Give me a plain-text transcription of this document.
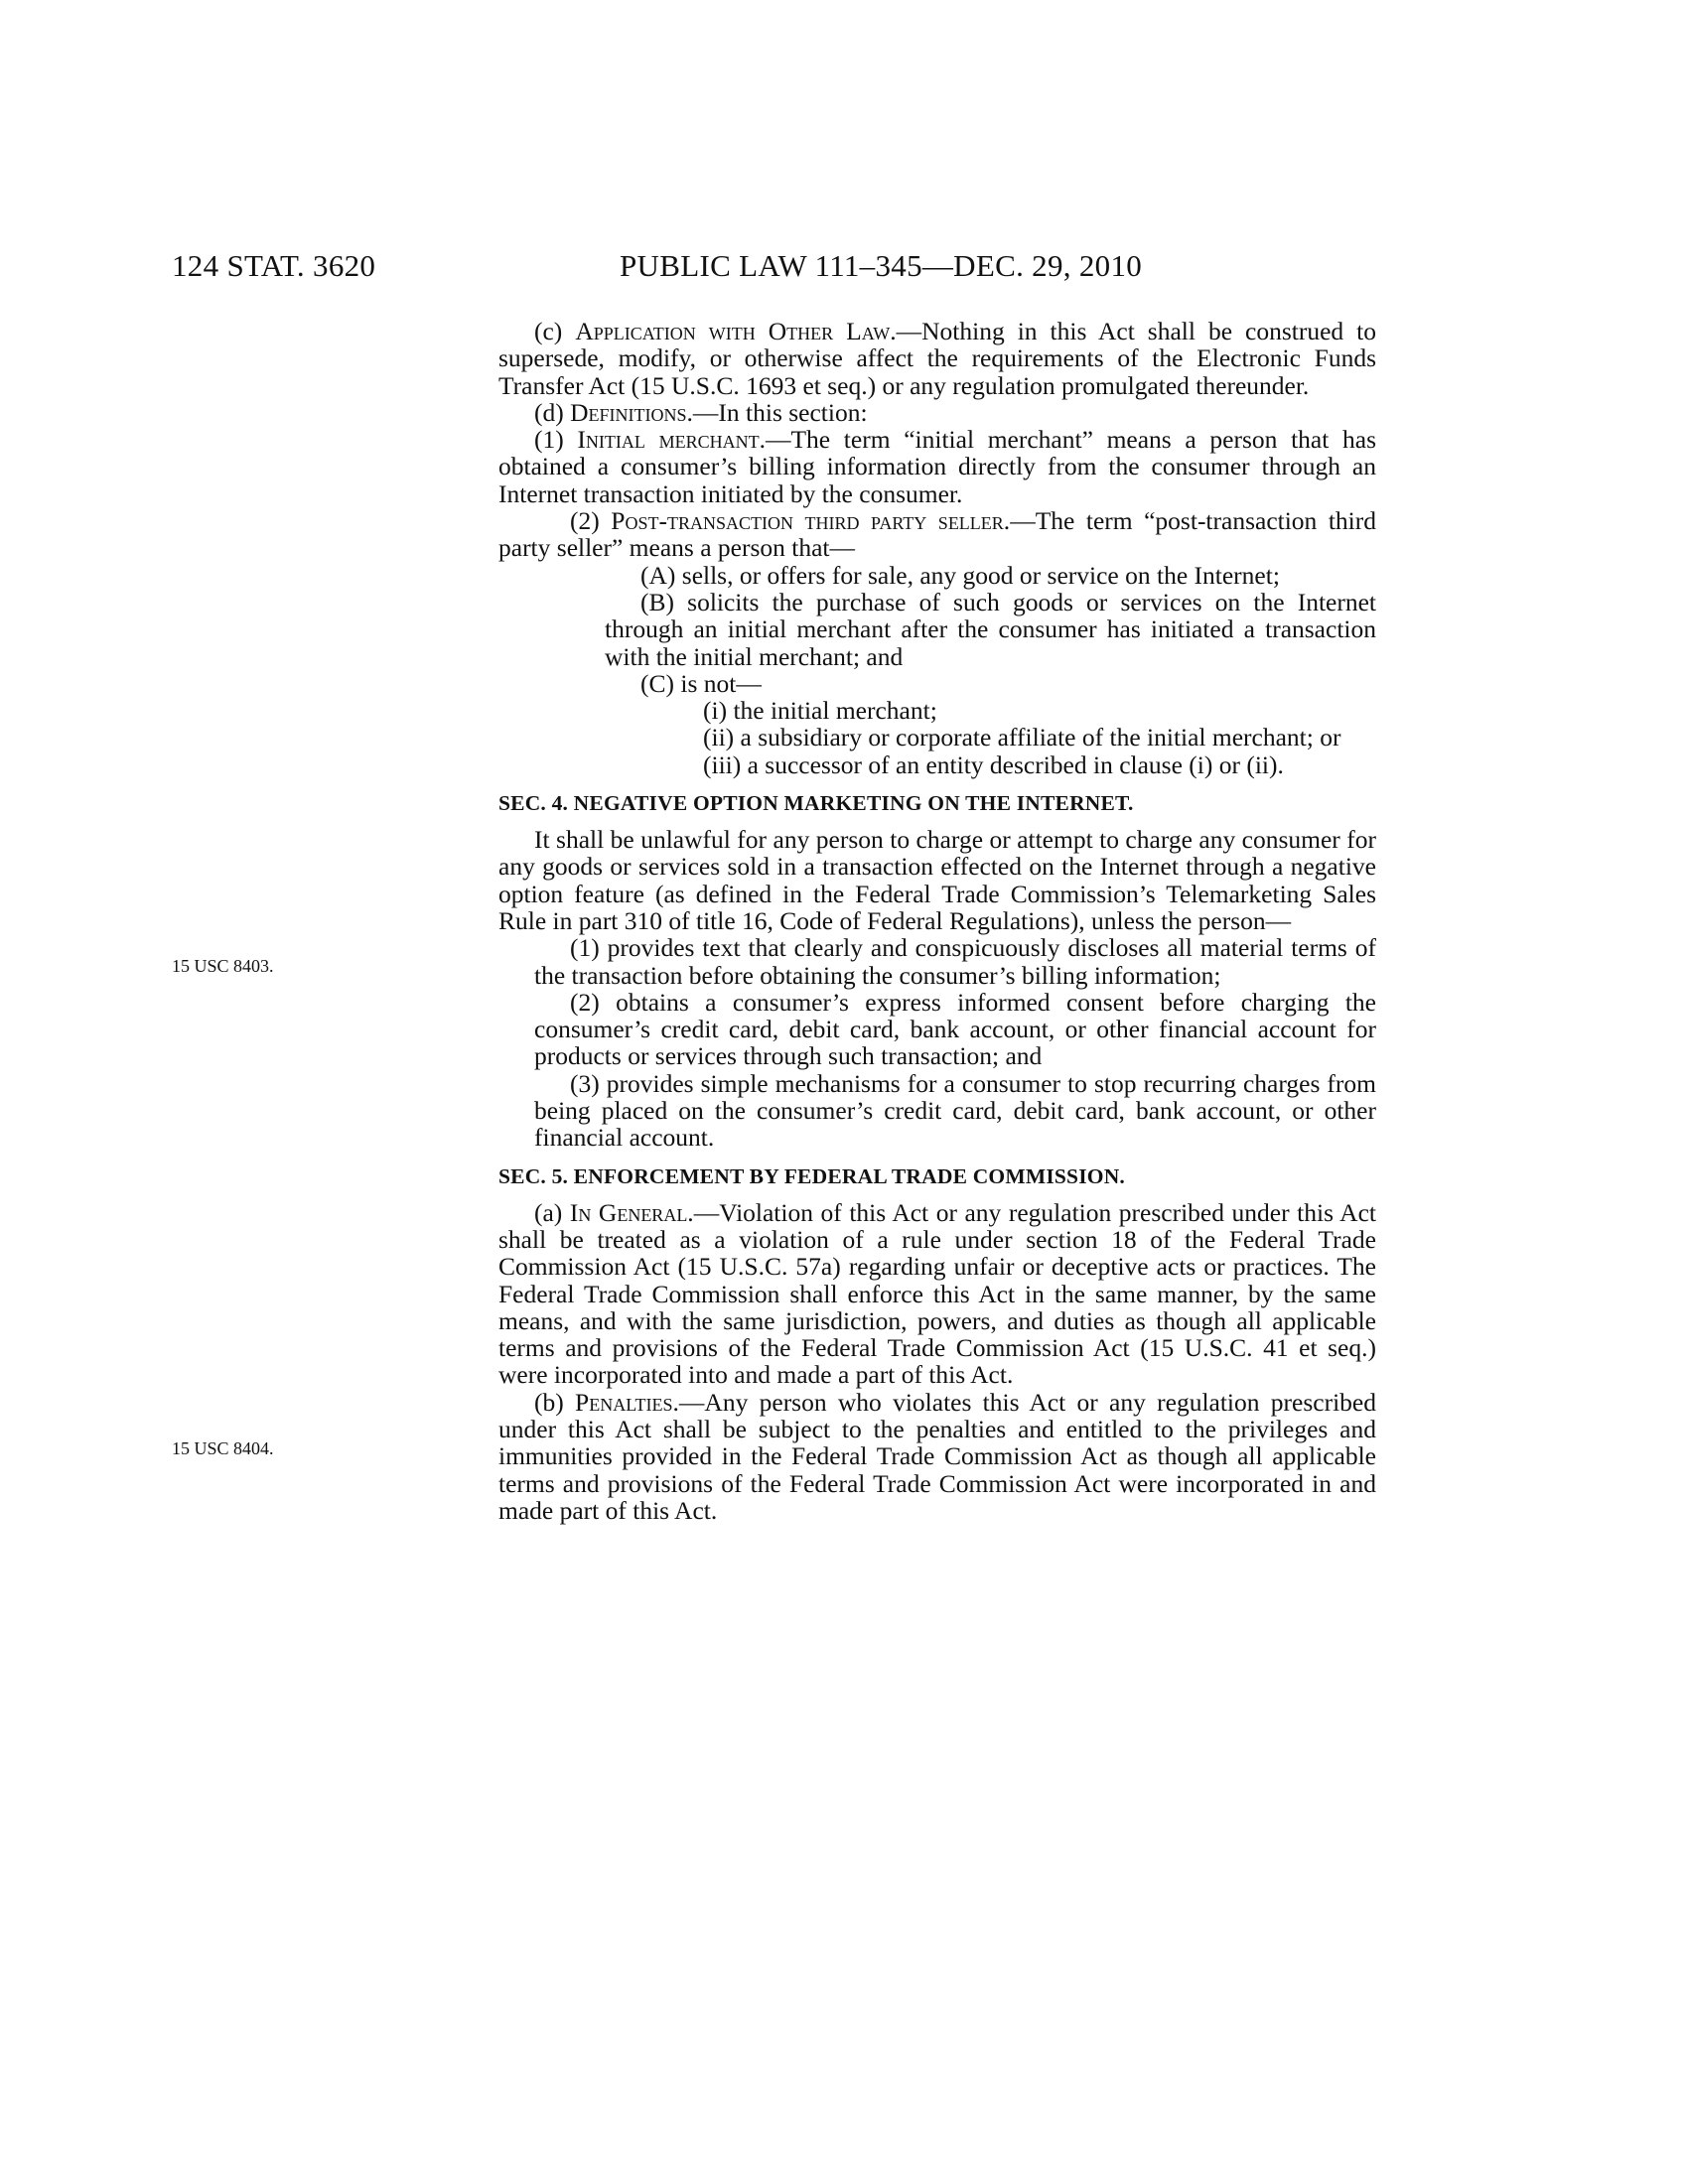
124 STAT. 3620	PUBLIC LAW 111–345—DEC. 29, 2010
15 USC 8403.
15 USC 8404.

(c) Application with Other Law.—Nothing in this Act shall be construed to supersede, modify, or otherwise affect the requirements of the Electronic Funds Transfer Act (15 U.S.C. 1693 et seq.) or any regulation promulgated thereunder.

(d) Definitions.—In this section:

(1) Initial merchant.—The term “initial merchant” means a person that has obtained a consumer’s billing information directly from the consumer through an Internet transaction initiated by the consumer.

(2) Post-transaction third party seller.—The term “post-transaction third party seller” means a person that—

(A) sells, or offers for sale, any good or service on the Internet;

(B) solicits the purchase of such goods or services on the Internet through an initial merchant after the consumer has initiated a transaction with the initial merchant; and

(C) is not—

(i) the initial merchant;

(ii) a subsidiary or corporate affiliate of the initial merchant; or

(iii) a successor of an entity described in clause (i) or (ii).

SEC. 4. NEGATIVE OPTION MARKETING ON THE INTERNET.

It shall be unlawful for any person to charge or attempt to charge any consumer for any goods or services sold in a transaction effected on the Internet through a negative option feature (as defined in the Federal Trade Commission’s Telemarketing Sales Rule in part 310 of title 16, Code of Federal Regulations), unless the person—

(1) provides text that clearly and conspicuously discloses all material terms of the transaction before obtaining the consumer’s billing information;

(2) obtains a consumer’s express informed consent before charging the consumer’s credit card, debit card, bank account, or other financial account for products or services through such transaction; and

(3) provides simple mechanisms for a consumer to stop recurring charges from being placed on the consumer’s credit card, debit card, bank account, or other financial account.

SEC. 5. ENFORCEMENT BY FEDERAL TRADE COMMISSION.

(a) In General.—Violation of this Act or any regulation prescribed under this Act shall be treated as a violation of a rule under section 18 of the Federal Trade Commission Act (15 U.S.C. 57a) regarding unfair or deceptive acts or practices. The Federal Trade Commission shall enforce this Act in the same manner, by the same means, and with the same jurisdiction, powers, and duties as though all applicable terms and provisions of the Federal Trade Commission Act (15 U.S.C. 41 et seq.) were incorporated into and made a part of this Act.

(b) Penalties.—Any person who violates this Act or any regulation prescribed under this Act shall be subject to the penalties and entitled to the privileges and immunities provided in the Federal Trade Commission Act as though all applicable terms and provisions of the Federal Trade Commission Act were incorporated in and made part of this Act.
